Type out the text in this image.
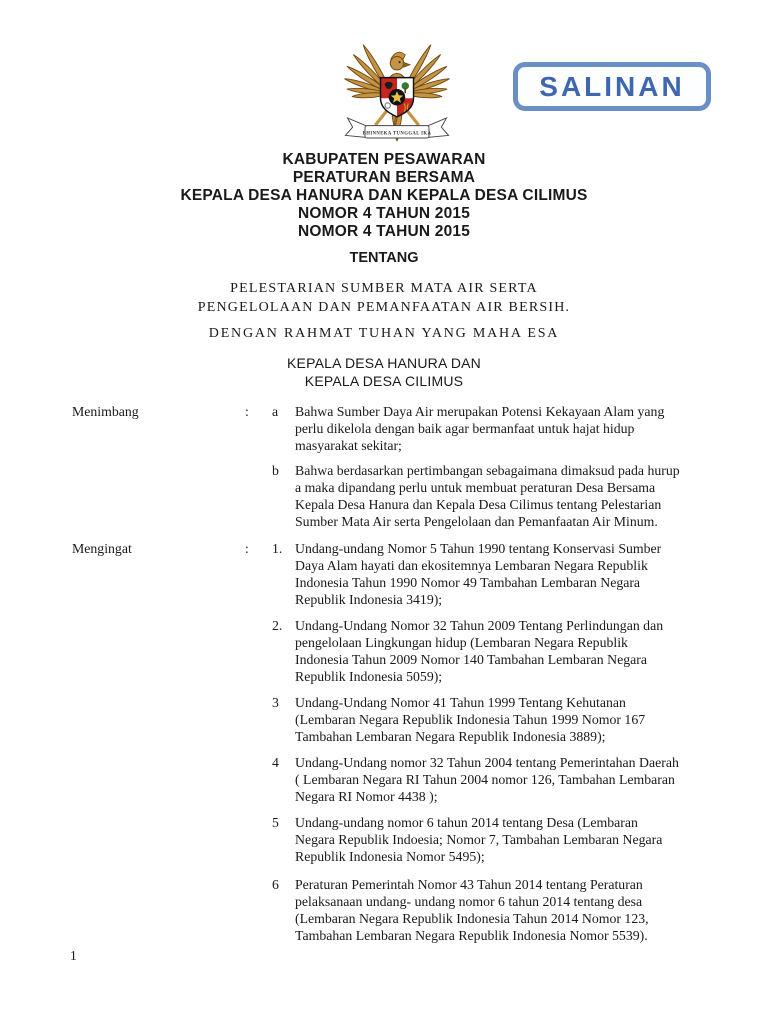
BHINNEKA TUNGGAL IKA
SALINAN
KABUPATEN PESAWARAN
PERATURAN BERSAMA
KEPALA DESA HANURA DAN KEPALA DESA CILIMUS
NOMOR 4 TAHUN 2015
NOMOR 4 TAHUN 2015
TENTANG
PELESTARIAN SUMBER MATA AIR SERTA
PENGELOLAAN DAN PEMANFAATAN AIR BERSIH.
DENGAN RAHMAT TUHAN YANG MAHA ESA
KEPALA DESA HANURA DAN
KEPALA DESA CILIMUS
Menimbang	:	a	Bahwa Sumber Daya Air merupakan Potensi Kekayaan Alam yang perlu dikelola dengan baik agar bermanfaat untuk hajat hidup masyarakat sekitar;
b	Bahwa berdasarkan pertimbangan sebagaimana dimaksud pada hurup a maka dipandang perlu untuk membuat peraturan Desa Bersama Kepala Desa Hanura dan Kepala Desa Cilimus tentang Pelestarian Sumber Mata Air serta Pengelolaan dan Pemanfaatan Air Minum.
Mengingat	:	1. Undang-undang Nomor 5 Tahun 1990 tentang Konservasi Sumber Daya Alam hayati dan ekositemnya Lembaran Negara Republik Indonesia Tahun 1990 Nomor 49 Tambahan Lembaran Negara Republik Indonesia 3419);
2. Undang-Undang Nomor 32 Tahun 2009 Tentang Perlindungan dan pengelolaan Lingkungan hidup (Lembaran Negara Republik Indonesia Tahun 2009 Nomor 140 Tambahan Lembaran Negara Republik Indonesia 5059);
3	Undang-Undang Nomor 41 Tahun 1999 Tentang Kehutanan (Lembaran Negara Republik Indonesia Tahun 1999 Nomor 167 Tambahan Lembaran Negara Republik Indonesia 3889);
4	Undang-Undang nomor 32 Tahun 2004 tentang Pemerintahan Daerah ( Lembaran Negara RI Tahun 2004 nomor 126, Tambahan Lembaran Negara RI Nomor 4438 );
5	Undang-undang nomor 6 tahun 2014 tentang Desa (Lembaran Negara Republik Indoesia; Nomor 7, Tambahan Lembaran Negara Republik Indonesia Nomor 5495);
6	Peraturan Pemerintah Nomor 43 Tahun 2014 tentang Peraturan pelaksanaan undang- undang nomor 6 tahun 2014 tentang desa (Lembaran Negara Republik Indonesia Tahun 2014 Nomor 123, Tambahan Lembaran Negara Republik Indonesia Nomor 5539).
1
